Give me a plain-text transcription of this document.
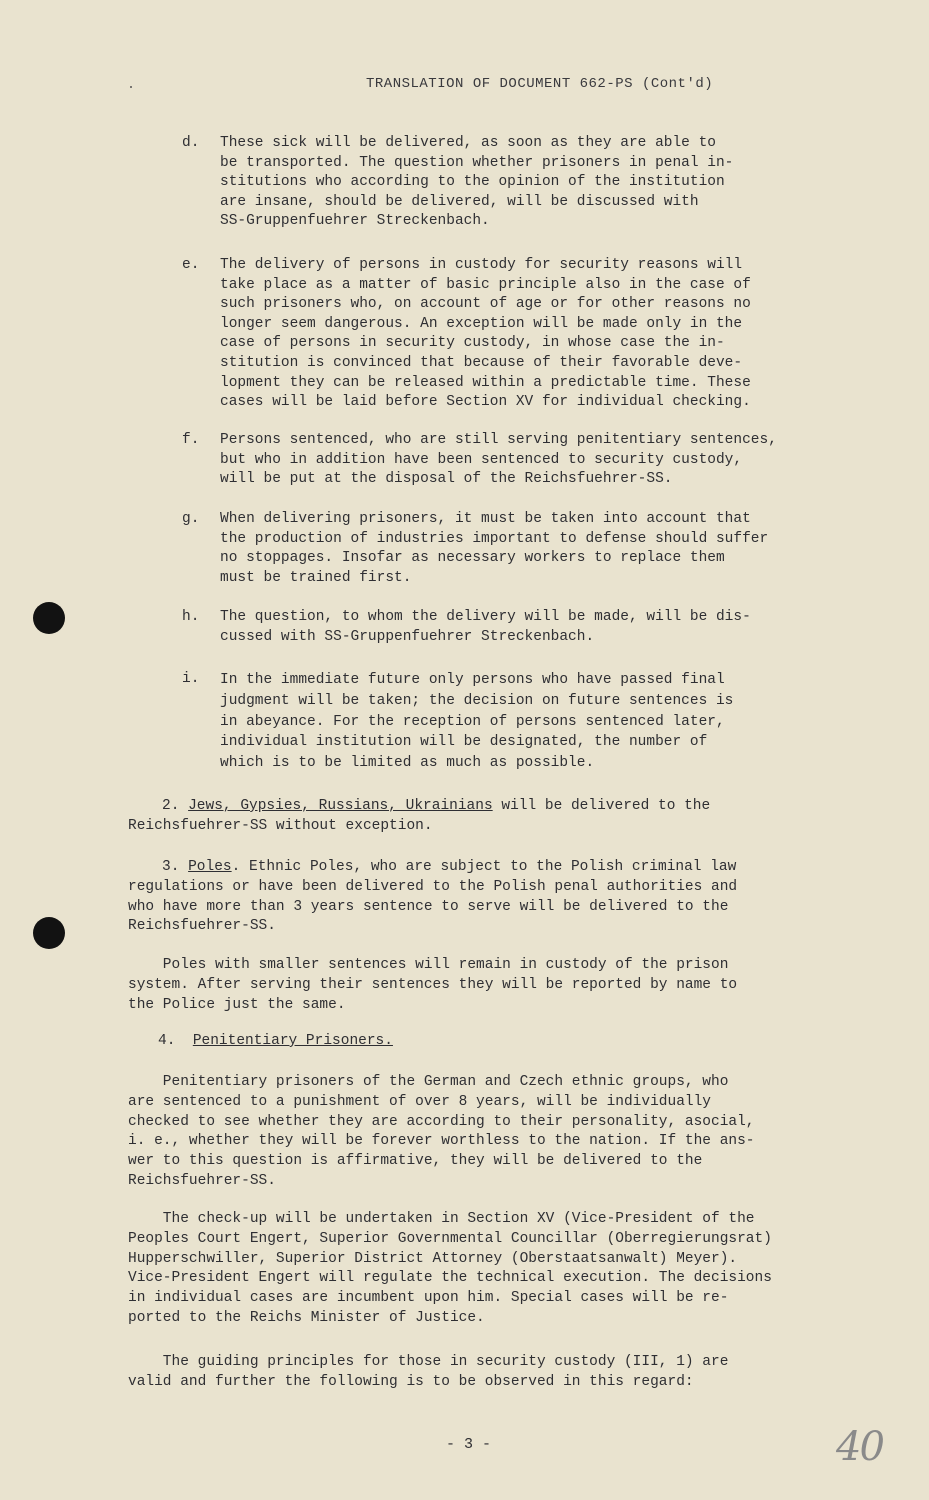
TRANSLATION OF DOCUMENT 662-PS (Cont'd)
d.	These sick will be delivered, as soon as they are able to
be transported. The question whether prisoners in penal in-
stitutions who according to the opinion of the institution
are insane, should be delivered, will be discussed with
SS-Gruppenfuehrer Streckenbach.
e.	The delivery of persons in custody for security reasons will
take place as a matter of basic principle also in the case of
such prisoners who, on account of age or for other reasons no
longer seem dangerous. An exception will be made only in the
case of persons in security custody, in whose case the in-
stitution is convinced that because of their favorable deve-
lopment they can be released within a predictable time. These
cases will be laid before Section XV for individual checking.
f.	Persons sentenced, who are still serving penitentiary sentences,
but who in addition have been sentenced to security custody,
will be put at the disposal of the Reichsfuehrer-SS.
g.	When delivering prisoners, it must be taken into account that
the production of industries important to defense should suffer
no stoppages. Insofar as necessary workers to replace them
must be trained first.
h.	The question, to whom the delivery will be made, will be dis-
cussed with SS-Gruppenfuehrer Streckenbach.
i.	In the immediate future only persons who have passed final
judgment will be taken; the decision on future sentences is
in abeyance. For the reception of persons sentenced later,
individual institution will be designated, the number of
which is to be limited as much as possible.
2. Jews, Gypsies, Russians, Ukrainians will be delivered to the
Reichsfuehrer-SS without exception.
3. Poles. Ethnic Poles, who are subject to the Polish criminal law
regulations or have been delivered to the Polish penal authorities and
who have more than 3 years sentence to serve will be delivered to the
Reichsfuehrer-SS.
Poles with smaller sentences will remain in custody of the prison
system. After serving their sentences they will be reported by name to
the Police just the same.
4. Penitentiary Prisoners.
Penitentiary prisoners of the German and Czech ethnic groups, who
are sentenced to a punishment of over 8 years, will be individually
checked to see whether they are according to their personality, asocial,
i. e., whether they will be forever worthless to the nation. If the ans-
wer to this question is affirmative, they will be delivered to the
Reichsfuehrer-SS.
The check-up will be undertaken in Section XV (Vice-President of the
Peoples Court Engert, Superior Governmental Councillar (Oberregierungsrat)
Hupperschwiller, Superior District Attorney (Oberstaatsanwalt) Meyer).
Vice-President Engert will regulate the technical execution. The decisions
in individual cases are incumbent upon him. Special cases will be re-
ported to the Reichs Minister of Justice.
The guiding principles for those in security custody (III, 1) are
valid and further the following is to be observed in this regard:
- 3 -	40
